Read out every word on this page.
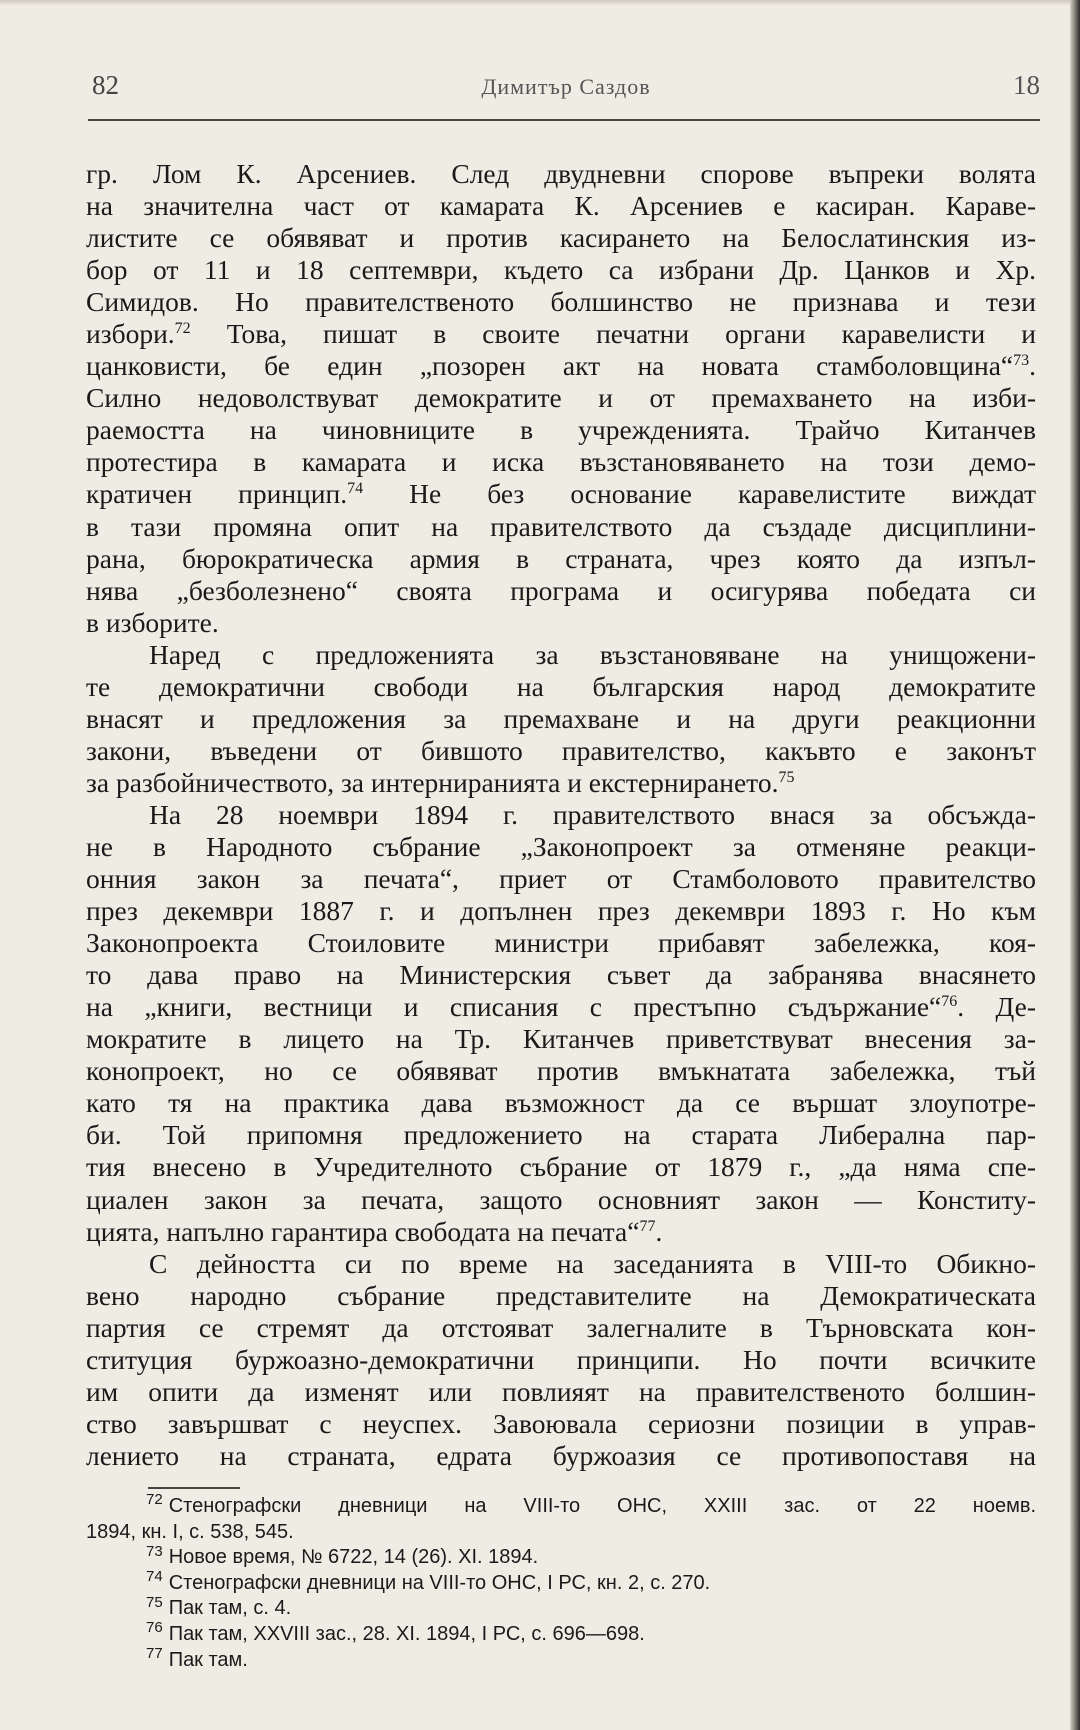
82	Димитър Саздов	18
гр. Лом К. Арсениев. След двудневни спорове въпреки волята
на значителна част от камарата К. Арсениев е касиран. Караве-
листите се обявяват и против касирането на Белослатинския из-
бор от 11 и 18 септември, където са избрани Др. Цанков и Хр.
Симидов. Но правителственото болшинство не признава и тези
избори.$^{72}$ Това, пишат в своите печатни органи каравелисти и
цанковисти, бе един „позорен акт на новата стамболовщина“$^{73}$.
Силно недоволствуват демократите и от премахването на изби-
раемостта на чиновниците в учрежденията. Трайчо Китанчев
протестира в камарата и иска възстановяването на този демо-
кратичен принцип.$^{74}$ Не без основание каравелистите виждат
в тази промяна опит на правителството да създаде дисциплини-
рана, бюрократическа армия в страната, чрез която да изпъл-
нява „безболезнено“ своята програма и осигурява победата си
в изборите.
Наред с предложенията за възстановяване на унищожени-
те демократични свободи на българския народ демократите
внасят и предложения за премахване и на други реакционни
закони, въведени от бившото правителство, какъвто е законът
за разбойничеството, за интерниранията и екстернирането.$^{75}$
На 28 ноември 1894 г. правителството внася за обсъжда-
не в Народното събрание „Законопроект за отменяне реакци-
онния закон за печата“, приет от Стамболовото правителство
през декември 1887 г. и допълнен през декември 1893 г. Но към
Законопроекта Стоиловите министри прибавят забележка, коя-
то дава право на Министерския съвет да забранява внасянето
на „книги, вестници и списания с престъпно съдържание“$^{76}$. Де-
мократите в лицето на Тр. Китанчев приветствуват внесения за-
конопроект, но се обявяват против вмъкнатата забележка, тъй
като тя на практика дава възможност да се вършат злоупотре-
би. Той припомня предложението на старата Либерална пар-
тия внесено в Учредителното събрание от 1879 г., „да няма спе-
циален закон за печата, защото основният закон — Конститу-
цията, напълно гарантира свободата на печата“$^{77}$.
С дейността си по време на заседанията в VIII-то Обикно-
вено народно събрание представителите на Демократическата
партия се стремят да отстояват залегналите в Търновската кон-
ституция буржоазно-демократични принципи. Но почти всичките
им опити да изменят или повлияят на правителственото болшин-
ство завършват с неуспех. Завоювала сериозни позиции в управ-
лението на страната, едрата буржоазия се противопоставя на
$^{72}$ Стенографски дневници на VIII-то ОНС, XXIII зас. от 22 ноемв.
1894, кн. I, с. 538, 545.
$^{73}$ Новое время, № 6722, 14 (26). XI. 1894.
$^{74}$ Стенографски дневници на VIII-то ОНС, I РС, кн. 2, с. 270.
$^{75}$ Пак там, с. 4.
$^{76}$ Пак там, XXVIII зас., 28. XI. 1894, I РС, с. 696—698.
$^{77}$ Пак там.
